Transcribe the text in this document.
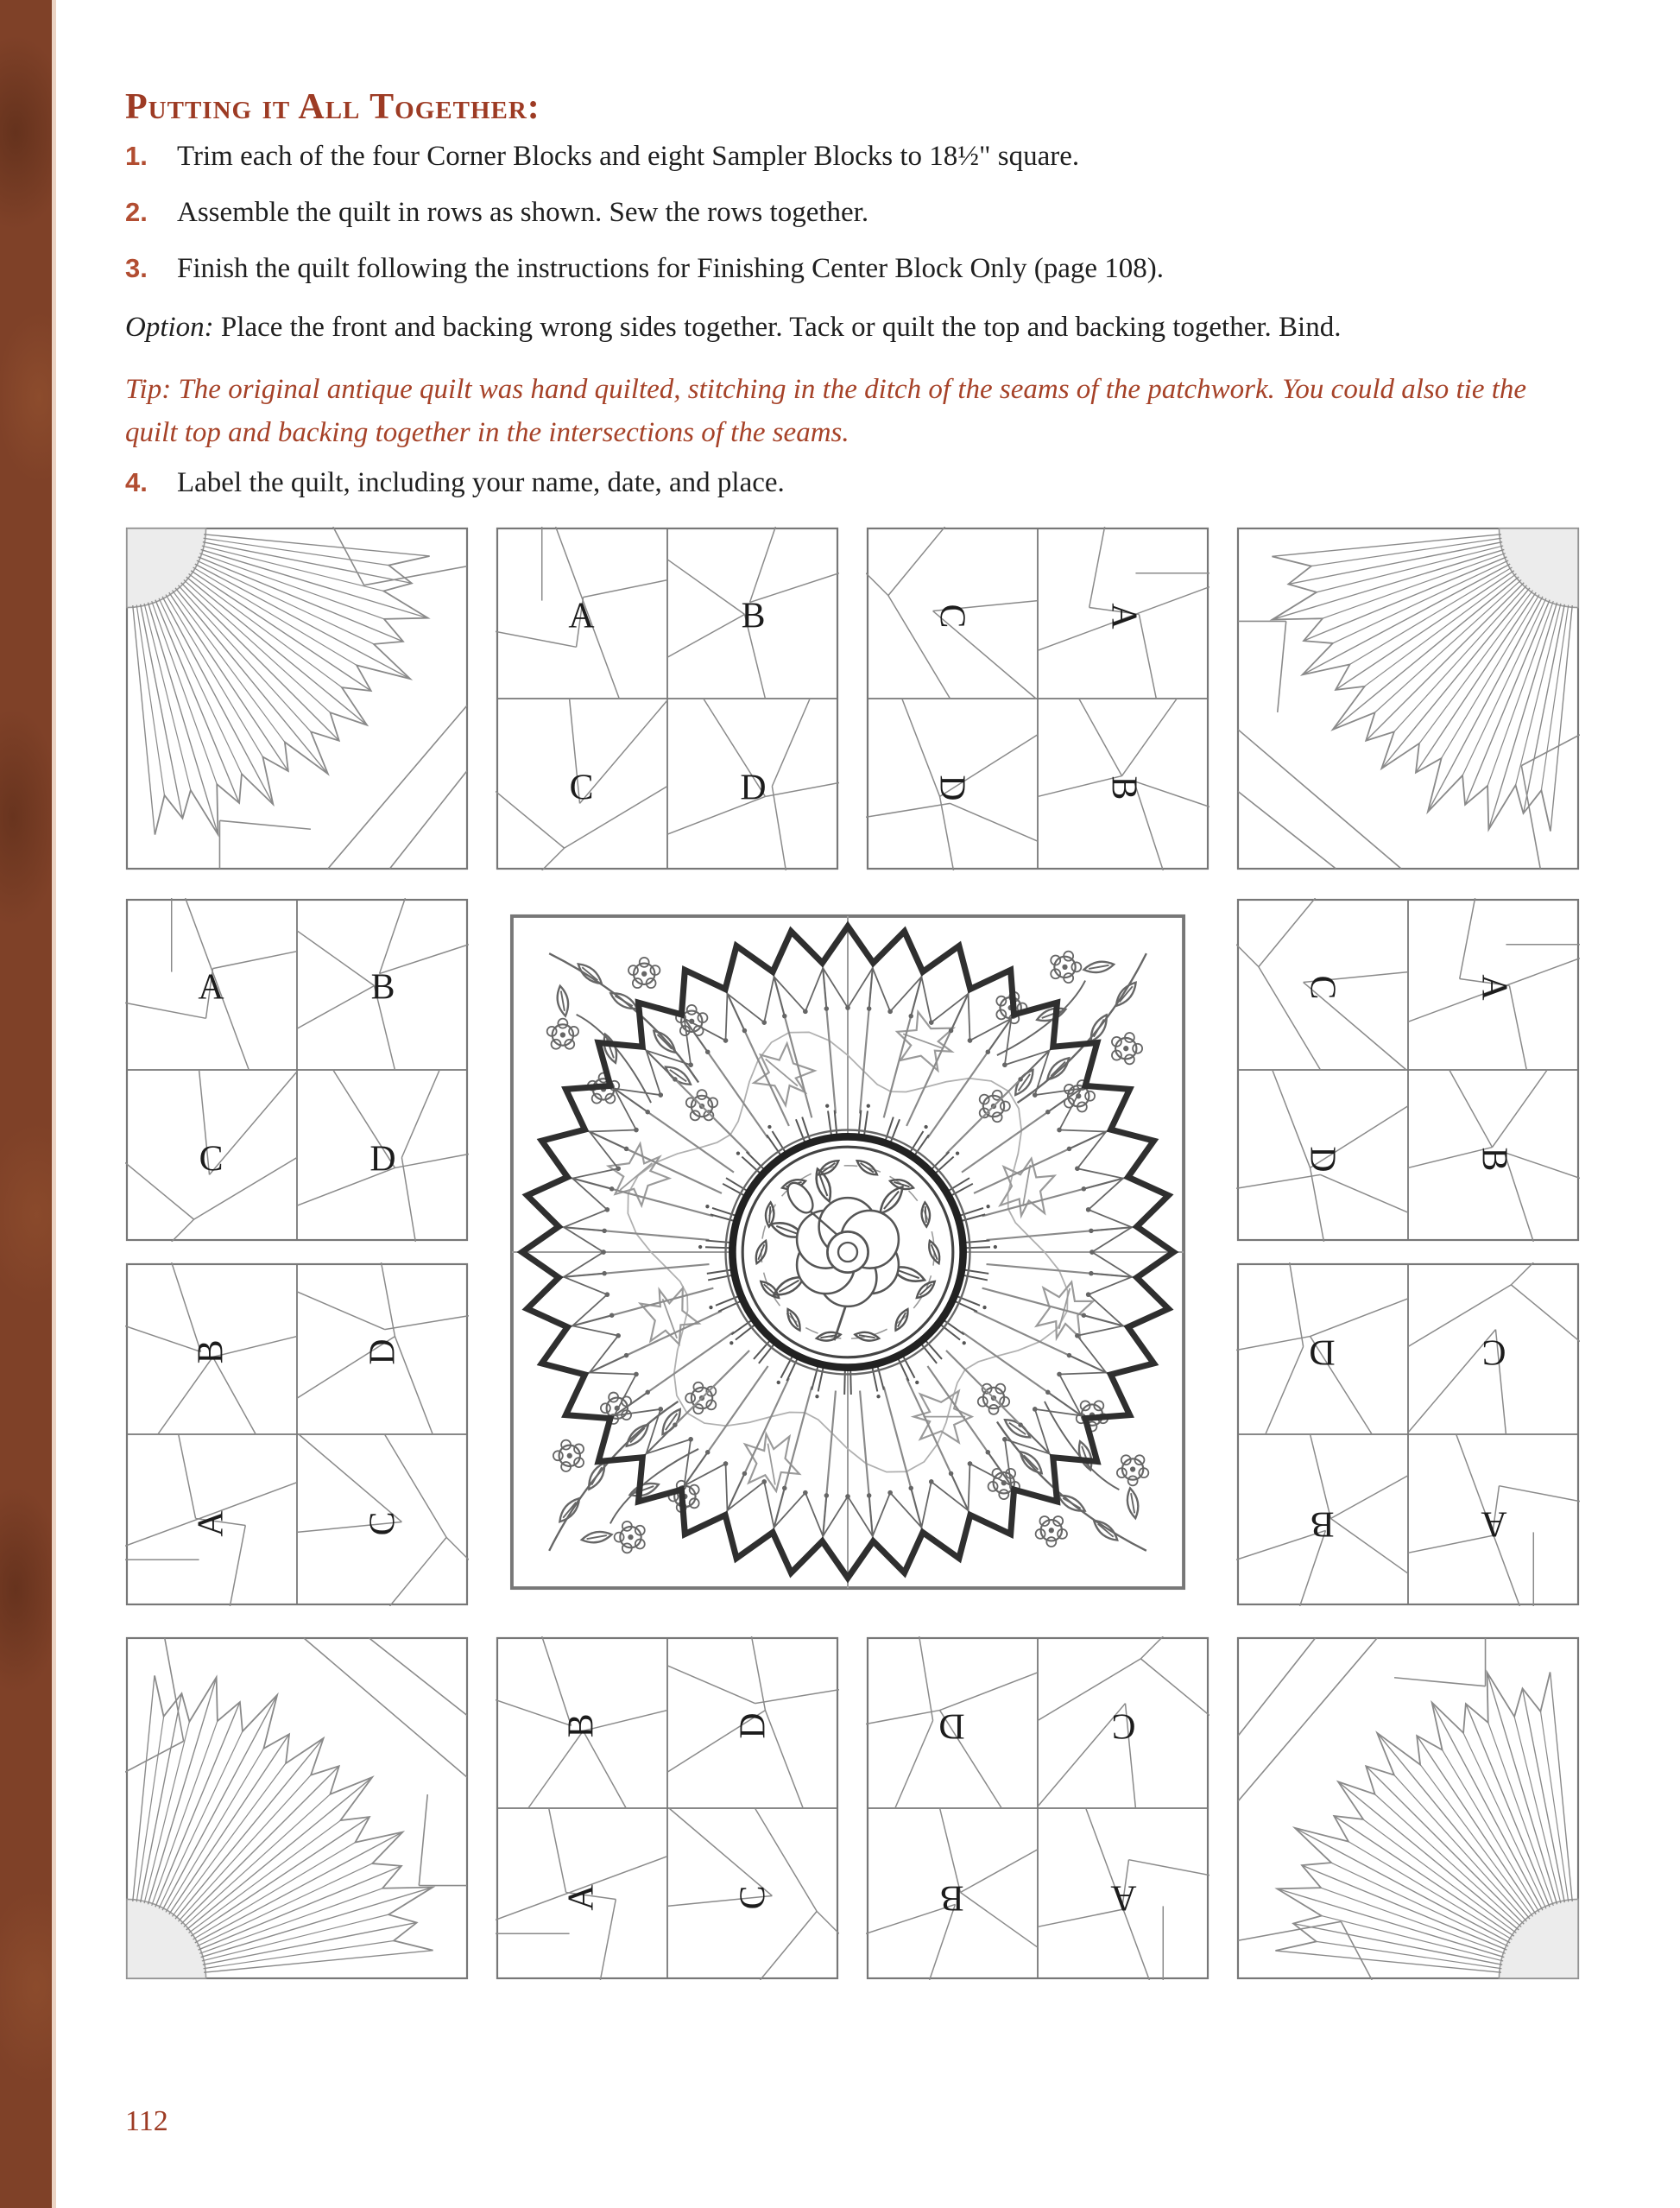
Putting it All Together:
1. Trim each of the four Corner Blocks and eight Sampler Blocks to 18½" square.
2. Assemble the quilt in rows as shown. Sew the rows together.
3. Finish the quilt following the instructions for Finishing Center Block Only (page 108).
Option: Place the front and backing wrong sides together. Tack or quilt the top and backing together. Bind.
Tip: The original antique quilt was hand quilted, stitching in the ditch of the seams of the patchwork. You could also tie the
quilt top and backing together in the intersections of the seams.
4. Label the quilt, including your name, date, and place.
A	B
C	D
C	A
D	B
A	B
C	D
C	A
D	B
B	D
A	C
D	C
B	A
B	D
A	C
D	C
B	A
112
